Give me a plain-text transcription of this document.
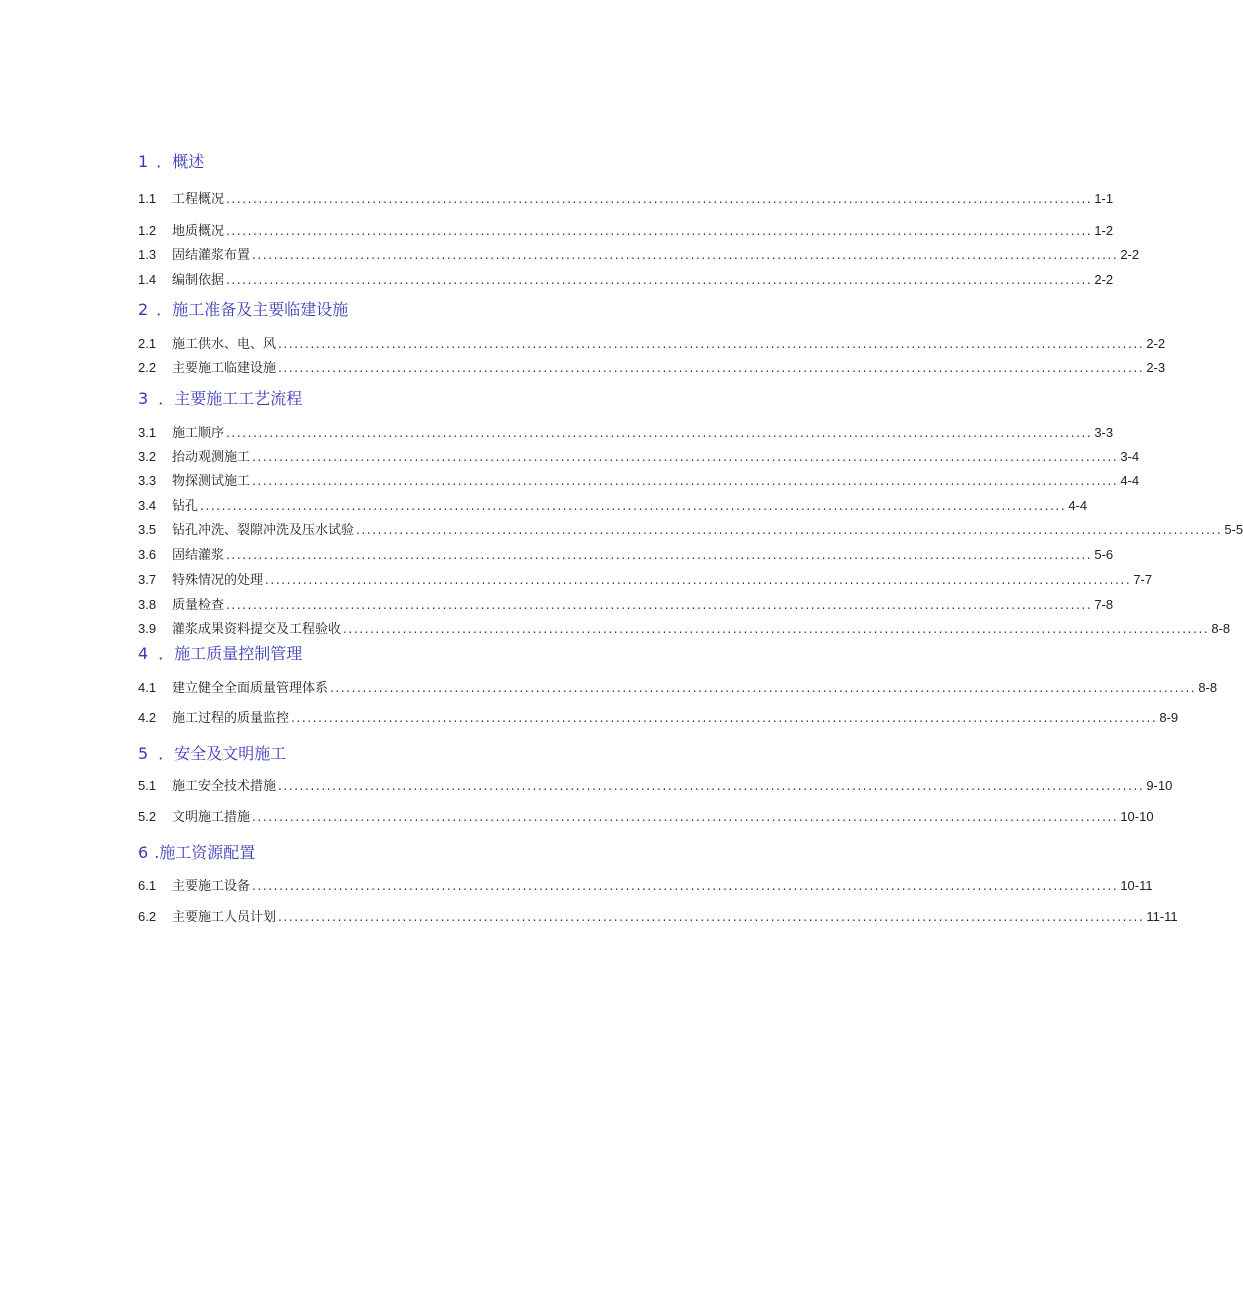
1 ．概述
1.1	工程概况 ................................................................................................................................................................ 1-1
1.2	地质概况 ................................................................................................................................................................ 1-2
1.3	固结灌浆布置 ................................................................................................................................................................ 2-2
1.4	编制依据 ................................................................................................................................................................ 2-2
2 ．施工准备及主要临建设施
2.1	施工供水、电、风 ................................................................................................................................................................ 2-2
2.2	主要施工临建设施 ................................................................................................................................................................ 2-3
3 ．主要施工工艺流程
3.1	施工顺序 ................................................................................................................................................................ 3-3
3.2	抬动观测施工 ................................................................................................................................................................ 3-4
3.3	物探测试施工 ................................................................................................................................................................ 4-4
3.4	钻孔 ................................................................................................................................................................ 4-4
3.5	钻孔冲洗、裂隙冲洗及压水试验 ................................................................................................................................................................ 5-5
3.6	固结灌浆 ................................................................................................................................................................ 5-6
3.7	特殊情况的处理 ................................................................................................................................................................ 7-7
3.8	质量检查 ................................................................................................................................................................ 7-8
3.9	灌浆成果资料提交及工程验收 ................................................................................................................................................................ 8-8
4 ．施工质量控制管理
4.1	建立健全全面质量管理体系 ................................................................................................................................................................ 8-8
4.2	施工过程的质量监控 ................................................................................................................................................................ 8-9
5 ．安全及文明施工
5.1	施工安全技术措施 ................................................................................................................................................................ 9-10
5.2	文明施工措施 ................................................................................................................................................................ 10-10
6 .施工资源配置
6.1	主要施工设备 ................................................................................................................................................................ 10-11
6.2	主要施工人员计划 ................................................................................................................................................................ 11-11
